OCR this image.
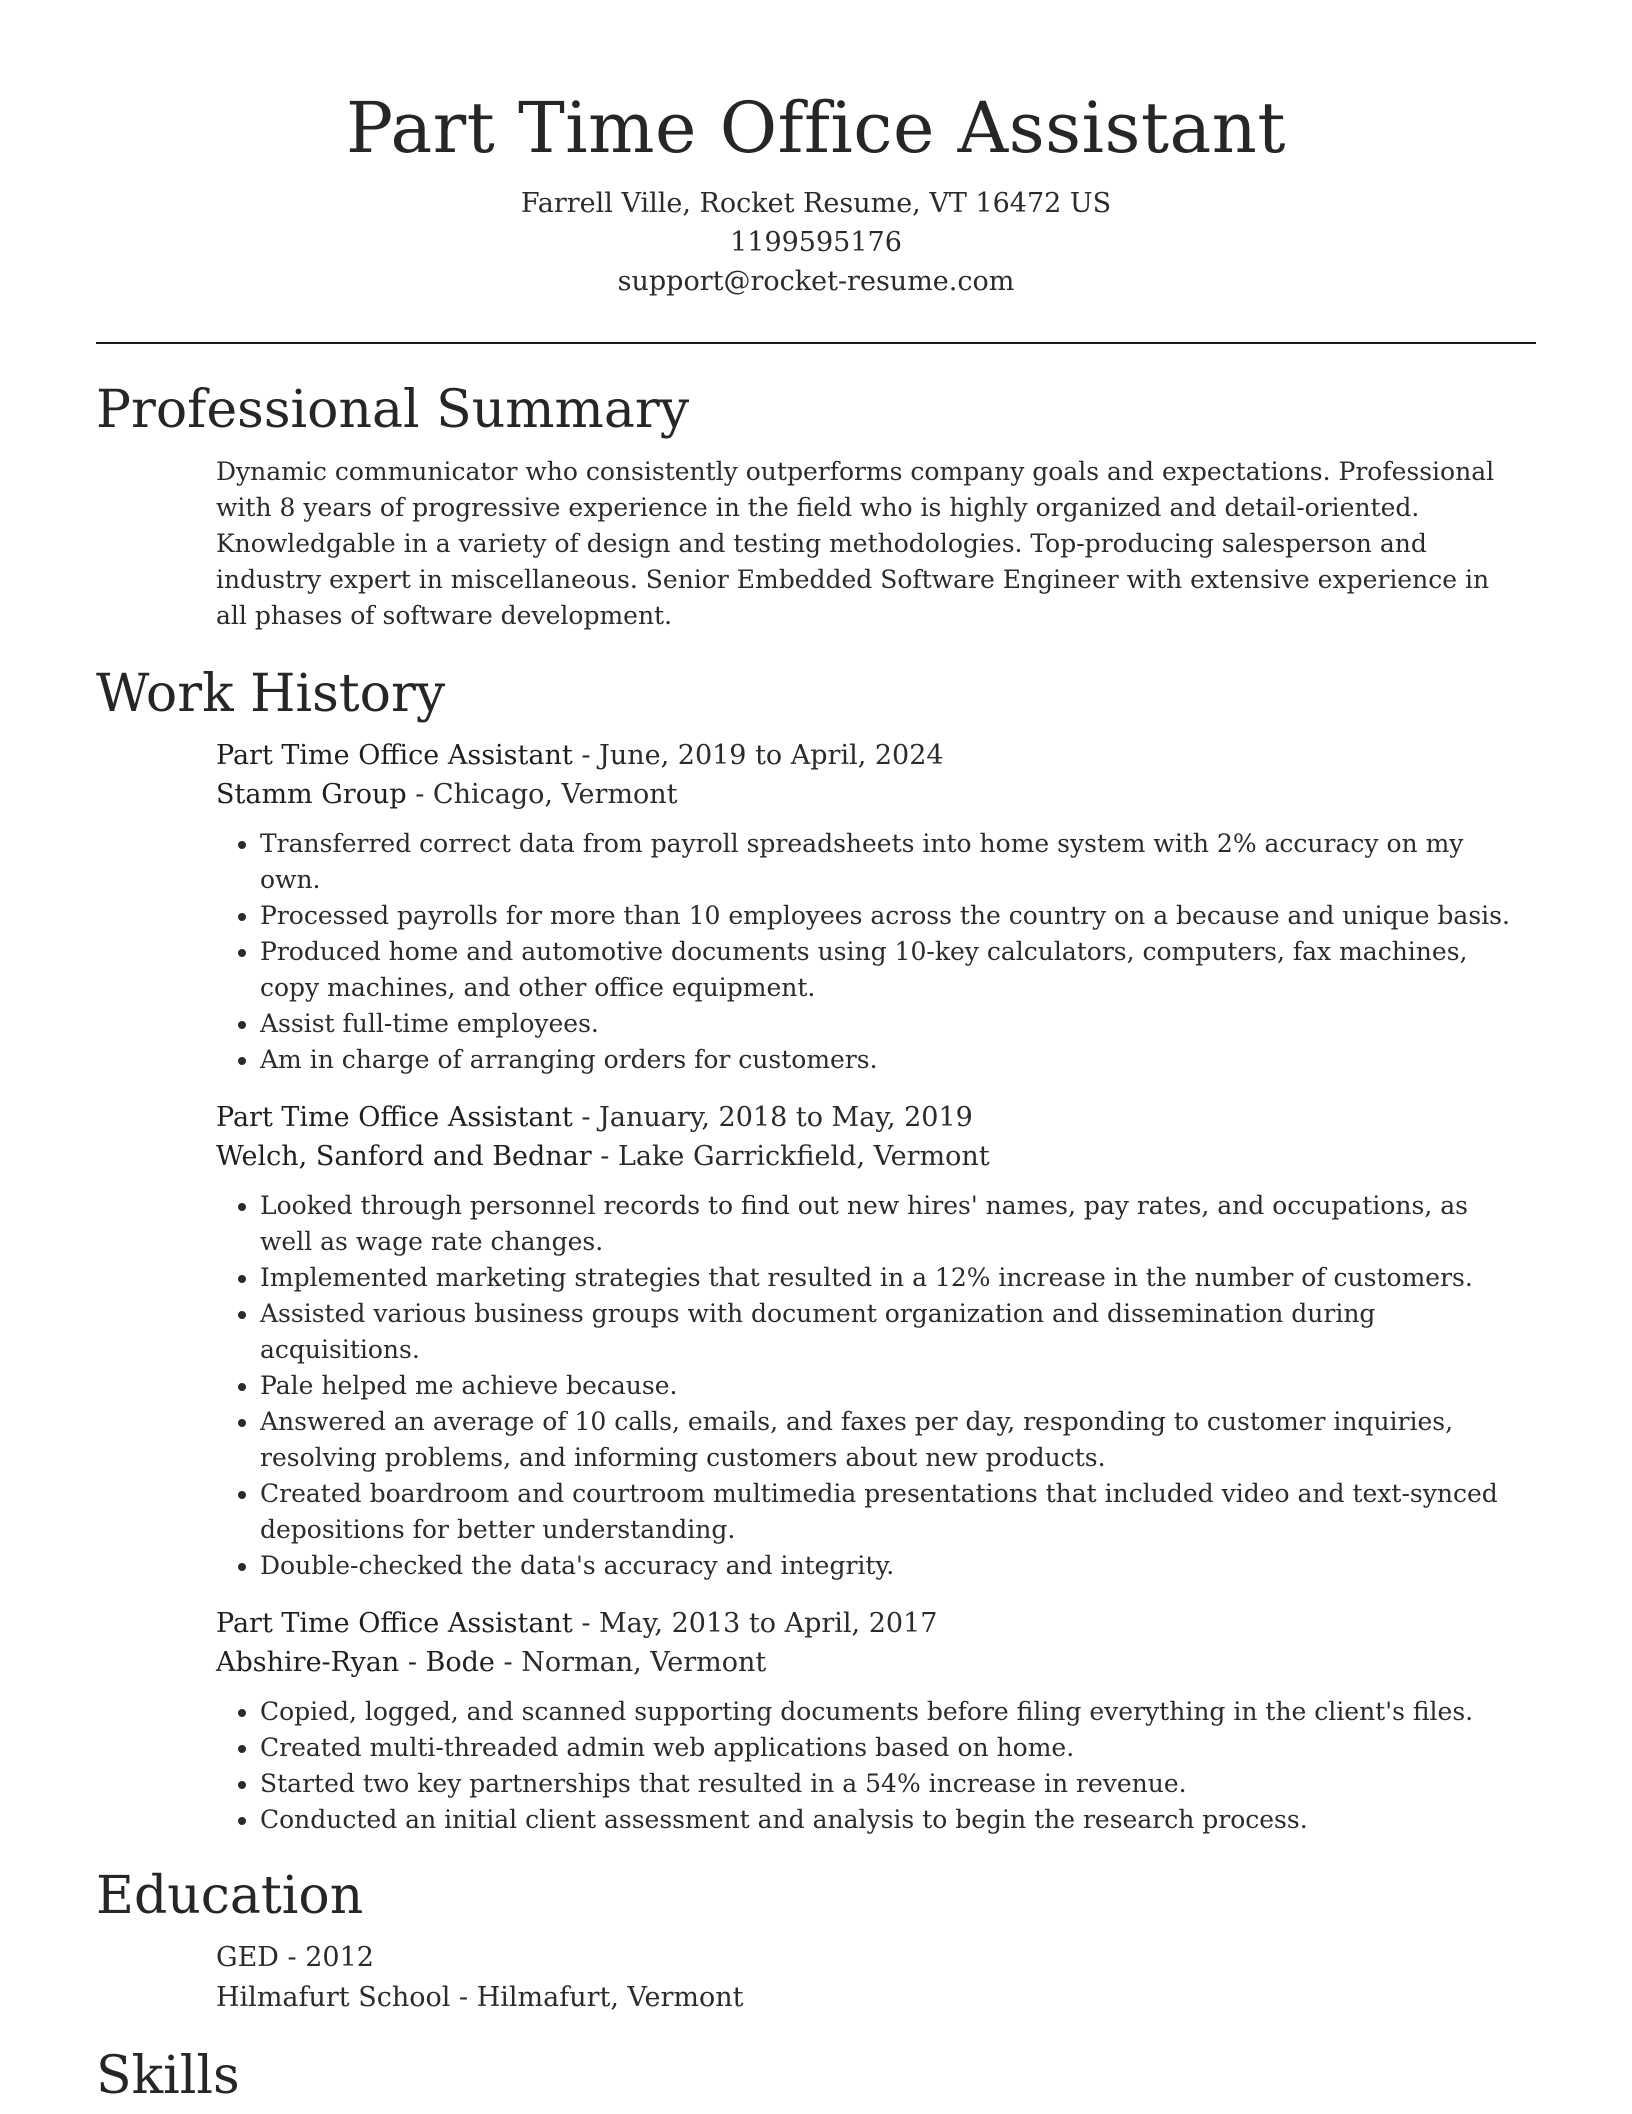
Part Time Office Assistant
Farrell Ville, Rocket Resume, VT 16472 US
1199595176
support@rocket-resume.com
Professional Summary

Dynamic communicator who consistently outperforms company goals and expectations. Professional with 8 years of progressive experience in the field who is highly organized and detail-oriented. Knowledgable in a variety of design and testing methodologies. Top-producing salesperson and industry expert in miscellaneous. Senior Embedded Software Engineer with extensive experience in all phases of software development.

Work History
Part Time Office Assistant - June, 2019 to April, 2024
Stamm Group - Chicago, Vermont
• Transferred correct data from payroll spreadsheets into home system with 2% accuracy on my own.
• Processed payrolls for more than 10 employees across the country on a because and unique basis.
• Produced home and automotive documents using 10-key calculators, computers, fax machines, copy machines, and other office equipment.
• Assist full-time employees.
• Am in charge of arranging orders for customers.
Part Time Office Assistant - January, 2018 to May, 2019
Welch, Sanford and Bednar - Lake Garrickfield, Vermont
• Looked through personnel records to find out new hires' names, pay rates, and occupations, as well as wage rate changes.
• Implemented marketing strategies that resulted in a 12% increase in the number of customers.
• Assisted various business groups with document organization and dissemination during acquisitions.
• Pale helped me achieve because.
• Answered an average of 10 calls, emails, and faxes per day, responding to customer inquiries, resolving problems, and informing customers about new products.
• Created boardroom and courtroom multimedia presentations that included video and text-synced depositions for better understanding.
• Double-checked the data's accuracy and integrity.
Part Time Office Assistant - May, 2013 to April, 2017
Abshire-Ryan - Bode - Norman, Vermont
• Copied, logged, and scanned supporting documents before filing everything in the client's files.
• Created multi-threaded admin web applications based on home.
• Started two key partnerships that resulted in a 54% increase in revenue.
• Conducted an initial client assessment and analysis to begin the research process.
Education
GED - 2012
Hilmafurt School - Hilmafurt, Vermont
Skills
